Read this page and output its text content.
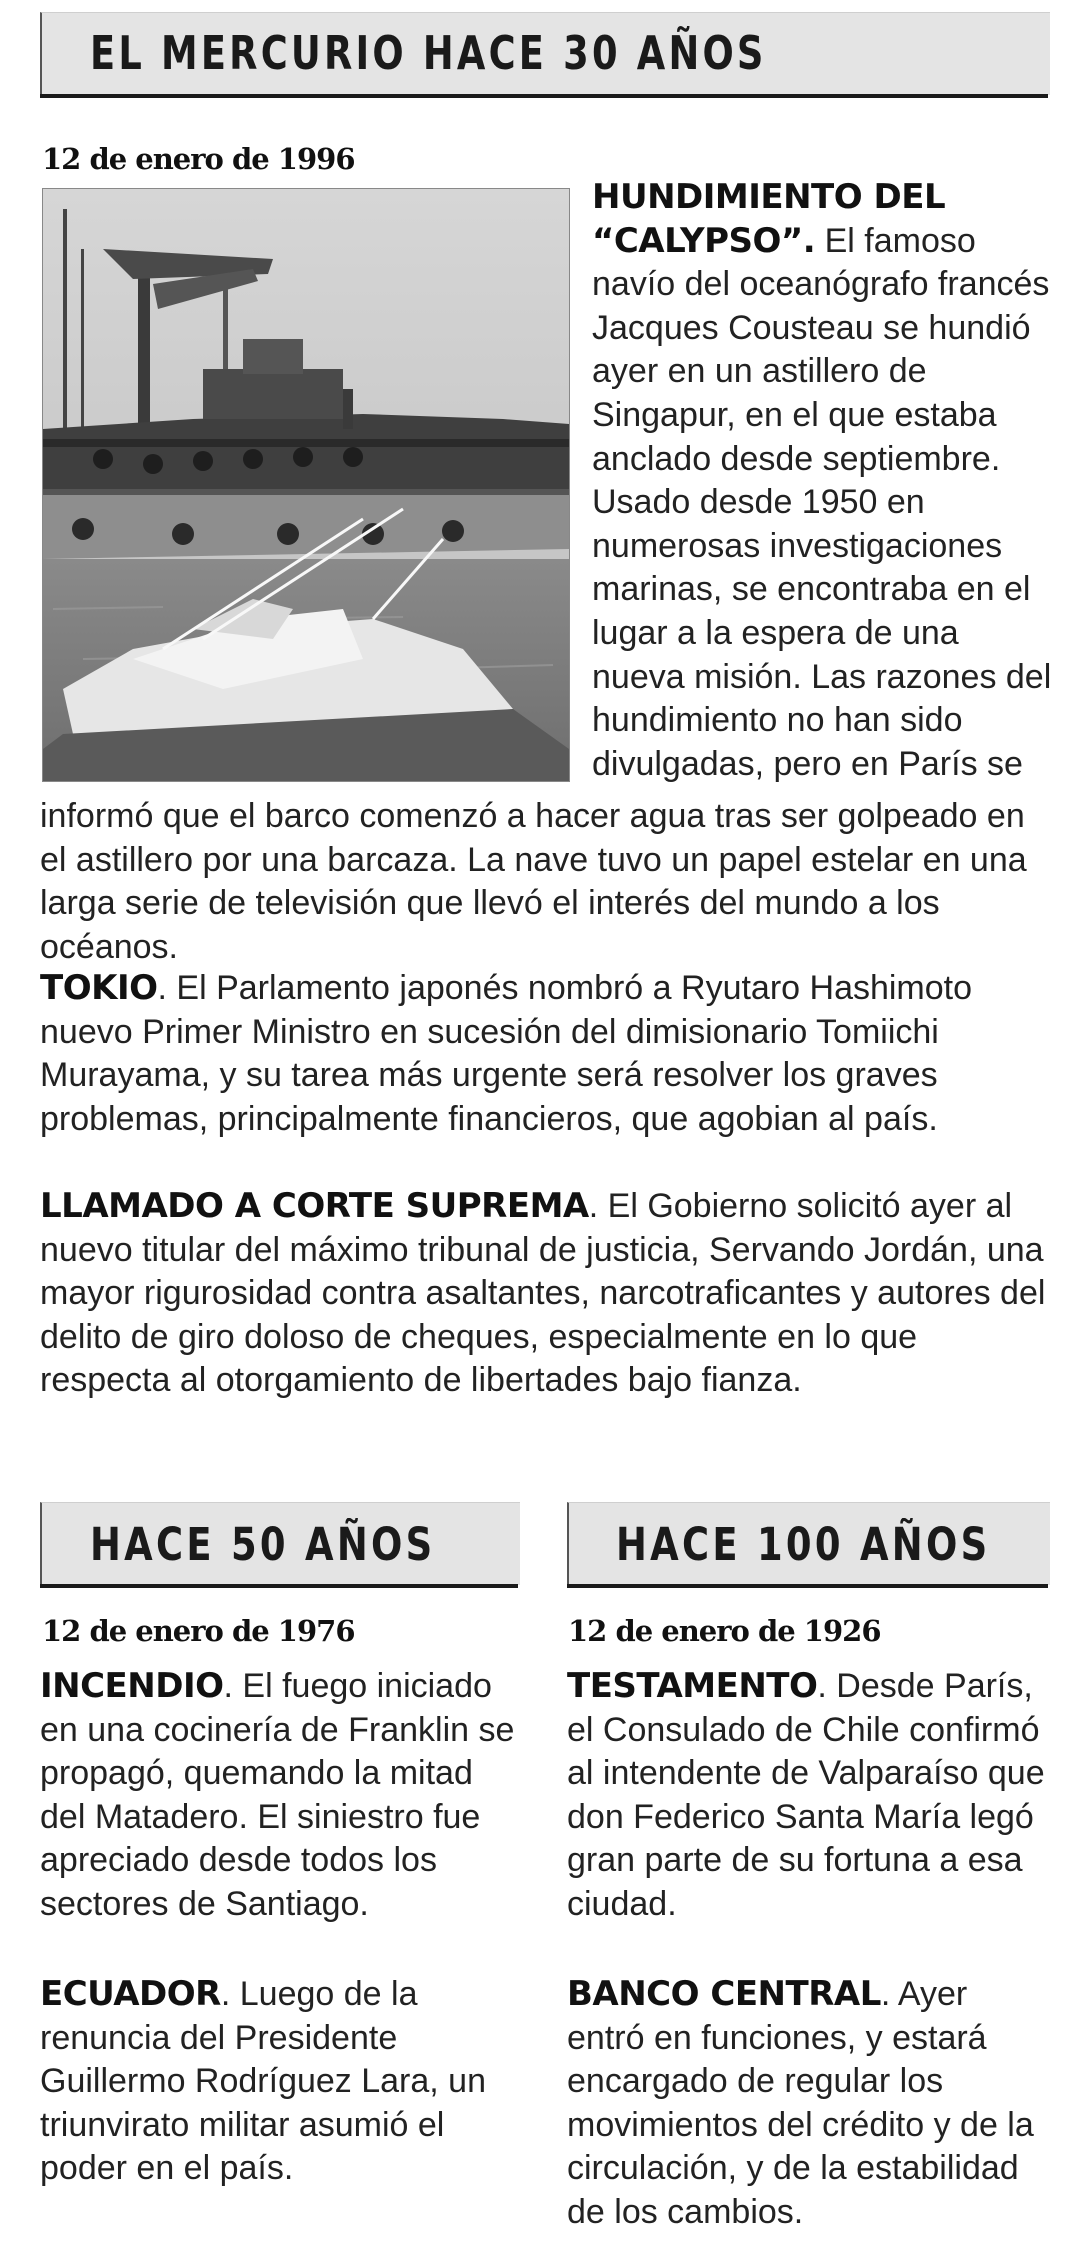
EL MERCURIO HACE 30 AÑOS
12 de enero de 1996
HUNDIMIENTO DEL “CALYPSO”. El famoso navío del oceanógrafo francés Jacques Cousteau se hundió ayer en un astillero de Singapur, en el que estaba anclado desde septiembre. Usado desde 1950 en numerosas investigaciones marinas, se encontraba en el lugar a la espera de una nueva misión. Las razones del hundimiento no han sido divulgadas, pero en París se
informó que el barco comenzó a hacer agua tras ser golpeado en el astillero por una barcaza. La nave tuvo un papel estelar en una larga serie de televisión que llevó el interés del mundo a los océanos.
TOKIO. El Parlamento japonés nombró a Ryutaro Hashimoto nuevo Primer Ministro en sucesión del dimisionario Tomiichi Murayama, y su tarea más urgente será resolver los graves problemas, principalmente financieros, que agobian al país.
LLAMADO A CORTE SUPREMA. El Gobierno solicitó ayer al nuevo titular del máximo tribunal de justicia, Servando Jordán, una mayor rigurosidad contra asaltantes, narcotraficantes y autores del delito de giro doloso de cheques, especialmente en lo que respecta al otorgamiento de libertades bajo fianza.
HACE 50 AÑOS
12 de enero de 1976
INCENDIO. El fuego iniciado en una cocinería de Franklin se propagó, quemando la mitad del Matadero. El siniestro fue apreciado desde todos los sectores de Santiago.
ECUADOR. Luego de la renuncia del Presidente Guillermo Rodríguez Lara, un triunvirato militar asumió el poder en el país.
HACE 100 AÑOS
12 de enero de 1926
TESTAMENTO. Desde París, el Consulado de Chile confirmó al intendente de Valparaíso que don Federico Santa María legó gran parte de su fortuna a esa ciudad.
BANCO CENTRAL. Ayer entró en funciones, y estará encargado de regular los movimientos del crédito y de la circulación, y de la estabilidad de los cambios.
